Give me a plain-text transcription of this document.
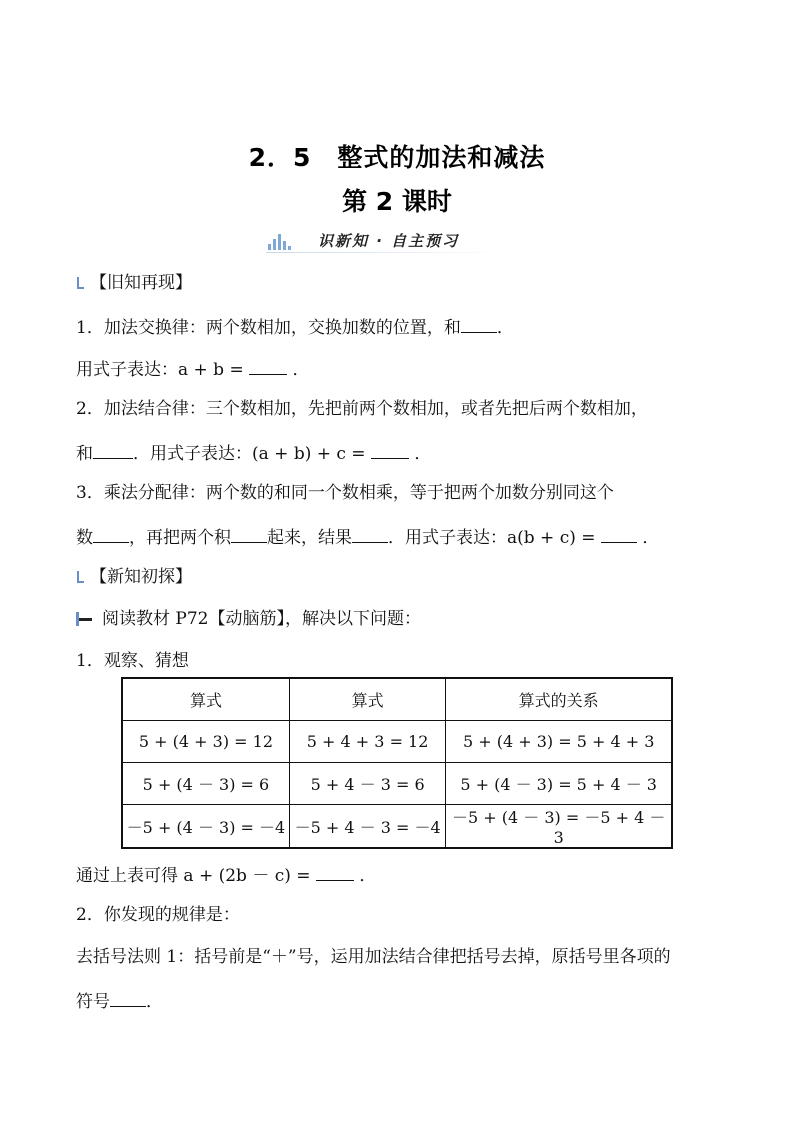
2．5　整式的加法和减法
第 2 课时
识新知 · 自主预习
【旧知再现】
1．加法交换律：两个数相加，交换加数的位置，和 ．
用式子表达：a + b =	．
2．加法结合律：三个数相加，先把前两个数相加，或者先把后两个数相加，
和 ．用式子表达：(a + b) + c =	．
3．乘法分配律：两个数的和同一个数相乘，等于把两个加数分别同这个
数 ，再把两个积 起来，结果 ．用式子表达：a(b + c) =	．
【新知初探】
阅读教材 P72【动脑筋】，解决以下问题：
1．观察、猜想
算式	算式	算式的关系
5 + (4 + 3) = 12	5 + 4 + 3 = 12	5 + (4 + 3) = 5 + 4 + 3
5 + (4 － 3) = 6	5 + 4 － 3 = 6	5 + (4 － 3) = 5 + 4 － 3
－5 + (4 － 3) = －4	－5 + 4 － 3 = －4	－5 + (4 － 3) = －5 + 4 － 3
通过上表可得 a + (2b － c) =	．
2．你发现的规律是：
去括号法则 1：括号前是“＋”号，运用加法结合律把括号去掉，原括号里各项的
符号 ．
